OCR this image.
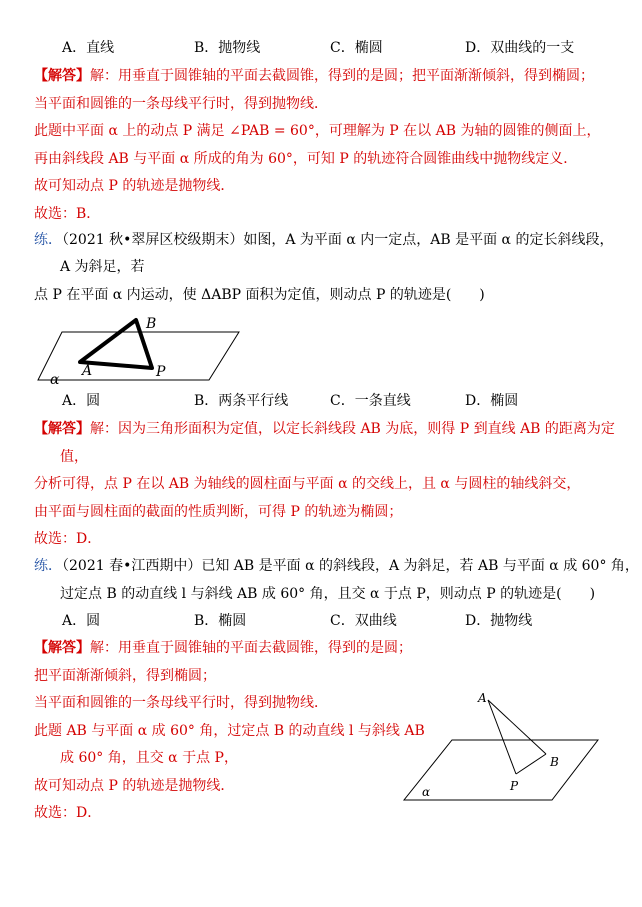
A．直线	B．抛物线	C．椭圆	D．双曲线的一支
【解答】解：用垂直于圆锥轴的平面去截圆锥，得到的是圆；把平面渐渐倾斜，得到椭圆；
当平面和圆锥的一条母线平行时，得到抛物线．
此题中平面 α 上的动点 P 满足 ∠PAB = 60°，可理解为 P 在以 AB 为轴的圆锥的侧面上，
再由斜线段 AB 与平面 α 所成的角为 60°，可知 P 的轨迹符合圆锥曲线中抛物线定义．
故可知动点 P 的轨迹是抛物线．
故选：B．
练．（2021 秋•翠屏区校级期末）如图，A 为平面 α 内一定点，AB 是平面 α 的定长斜线段，
A 为斜足，若
点 P 在平面 α 内运动，使 ΔABP 面积为定值，则动点 P 的轨迹是(　　)
B
A	P
α
A．圆	B．两条平行线	C．一条直线	D．椭圆
【解答】解：因为三角形面积为定值，以定长斜线段 AB 为底，则得 P 到直线 AB 的距离为定
值，
分析可得，点 P 在以 AB 为轴线的圆柱面与平面 α 的交线上，且 α 与圆柱的轴线斜交，
由平面与圆柱面的截面的性质判断，可得 P 的轨迹为椭圆；
故选：D．
练．（2021 春•江西期中）已知 AB 是平面 α 的斜线段，A 为斜足，若 AB 与平面 α 成 60° 角，
过定点 B 的动直线 l 与斜线 AB 成 60° 角，且交 α 于点 P，则动点 P 的轨迹是(　　)
A．圆	B．椭圆	C．双曲线	D．抛物线
【解答】解：用垂直于圆锥轴的平面去截圆锥，得到的是圆；
把平面渐渐倾斜，得到椭圆；
当平面和圆锥的一条母线平行时，得到抛物线．
此题 AB 与平面 α 成 60° 角，过定点 B 的动直线 l 与斜线 AB
成 60° 角，且交 α 于点 P，
故可知动点 P 的轨迹是抛物线．
故选：D．
A
B
P
α
